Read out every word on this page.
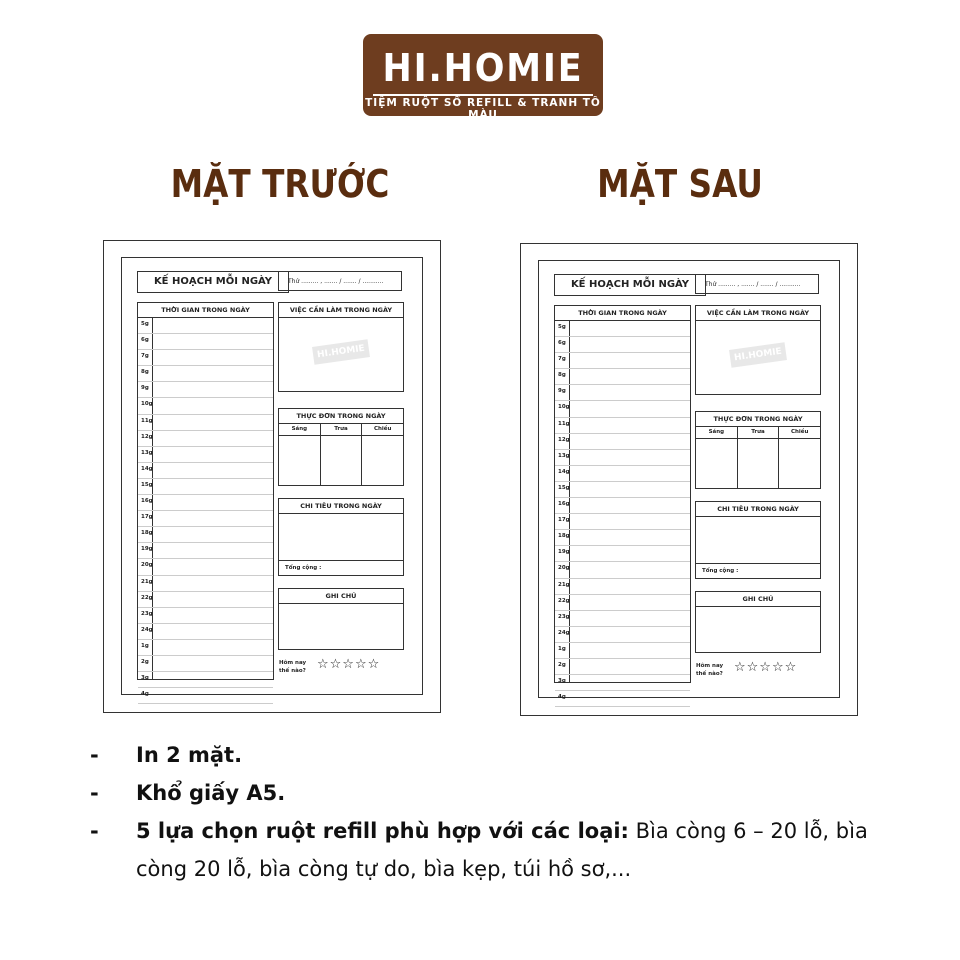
HI.HOMIE
TIỆM RUỘT SỔ REFILL & TRANH TÔ MÀU
MẶT TRƯỚC	MẶT SAU
KẾ HOẠCH MỖI NGÀY	Thứ ......... , ....... / ....... / ...........
THỜI GIAN TRONG NGÀY
5g
6g
7g
8g
9g
10g
11g
12g
13g
14g
15g
16g
17g
18g
19g
20g
21g
22g
23g
24g
1g
2g
3g
4g
VIỆC CẦN LÀM TRONG NGÀY
HI.HOMIE
THỰC ĐƠN TRONG NGÀY
Sáng	Trưa	Chiều
CHI TIÊU TRONG NGÀY
Tổng cộng :
GHI CHÚ
Hôm nay thế nào? ☆☆☆☆☆
KẾ HOẠCH MỖI NGÀY	Thứ ......... , ....... / ....... / ...........
THỜI GIAN TRONG NGÀY
5g
6g
7g
8g
9g
10g
11g
12g
13g
14g
15g
16g
17g
18g
19g
20g
21g
22g
23g
24g
1g
2g
3g
4g
VIỆC CẦN LÀM TRONG NGÀY
HI.HOMIE
THỰC ĐƠN TRONG NGÀY
Sáng	Trưa	Chiều
CHI TIÊU TRONG NGÀY
Tổng cộng :
GHI CHÚ
Hôm nay thế nào? ☆☆☆☆☆
- In 2 mặt.
- Khổ giấy A5.
- 5 lựa chọn ruột refill phù hợp với các loại: Bìa còng 6 – 20 lỗ, bìa còng 20 lỗ, bìa còng tự do, bìa kẹp, túi hồ sơ,...
